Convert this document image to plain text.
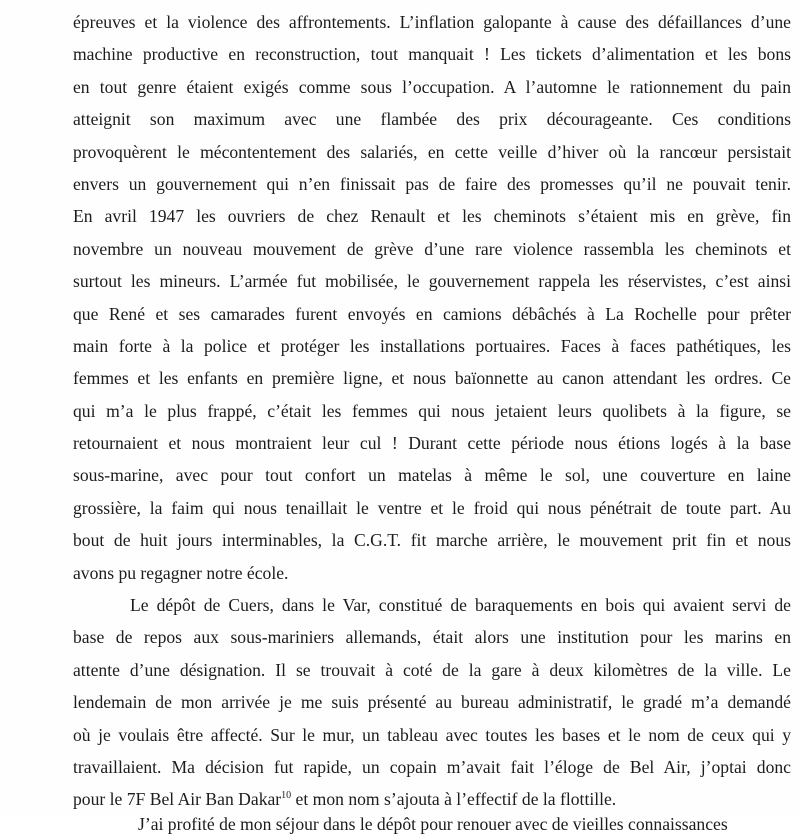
épreuves et la violence des affrontements. L’inflation galopante à cause des défaillances d’une
machine productive en reconstruction, tout manquait ! Les tickets d’alimentation et les bons
en tout genre étaient exigés comme sous l’occupation. A l’automne le rationnement du pain
atteignit son maximum avec une flambée des prix décourageante. Ces conditions
provoquèrent le mécontentement des salariés, en cette veille d’hiver où la rancœur persistait
envers un gouvernement qui n’en finissait pas de faire des promesses qu’il ne pouvait tenir.
En avril 1947 les ouvriers de chez Renault et les cheminots s’étaient mis en grève, fin
novembre un nouveau mouvement de grève d’une rare violence rassembla les cheminots et
surtout les mineurs. L’armée fut mobilisée, le gouvernement rappela les réservistes, c’est ainsi
que René et ses camarades furent envoyés en camions débâchés à La Rochelle pour prêter
main forte à la police et protéger les installations portuaires. Faces à faces pathétiques, les
femmes et les enfants en première ligne, et nous baïonnette au canon attendant les ordres. Ce
qui m’a le plus frappé, c’était les femmes qui nous jetaient leurs quolibets à la figure, se
retournaient et nous montraient leur cul ! Durant cette période nous étions logés à la base
sous-marine, avec pour tout confort un matelas à même le sol, une couverture en laine
grossière, la faim qui nous tenaillait le ventre et le froid qui nous pénétrait de toute part. Au
bout de huit jours interminables, la C.G.T. fit marche arrière, le mouvement prit fin et nous
avons pu regagner notre école.
Le dépôt de Cuers, dans le Var, constitué de baraquements en bois qui avaient servi de
base de repos aux sous-mariniers allemands, était alors une institution pour les marins en
attente d’une désignation. Il se trouvait à coté de la gare à deux kilomètres de la ville. Le
lendemain de mon arrivée je me suis présenté au bureau administratif, le gradé m’a demandé
où je voulais être affecté. Sur le mur, un tableau avec toutes les bases et le nom de ceux qui y
travaillaient. Ma décision fut rapide, un copain m’avait fait l’éloge de Bel Air, j’optai donc
pour le 7F Bel Air Ban Dakar$^{10}$ et mon nom s’ajouta à l’effectif de la flottille.
J’ai profité de mon séjour dans le dépôt pour renouer avec de vieilles connaissances
